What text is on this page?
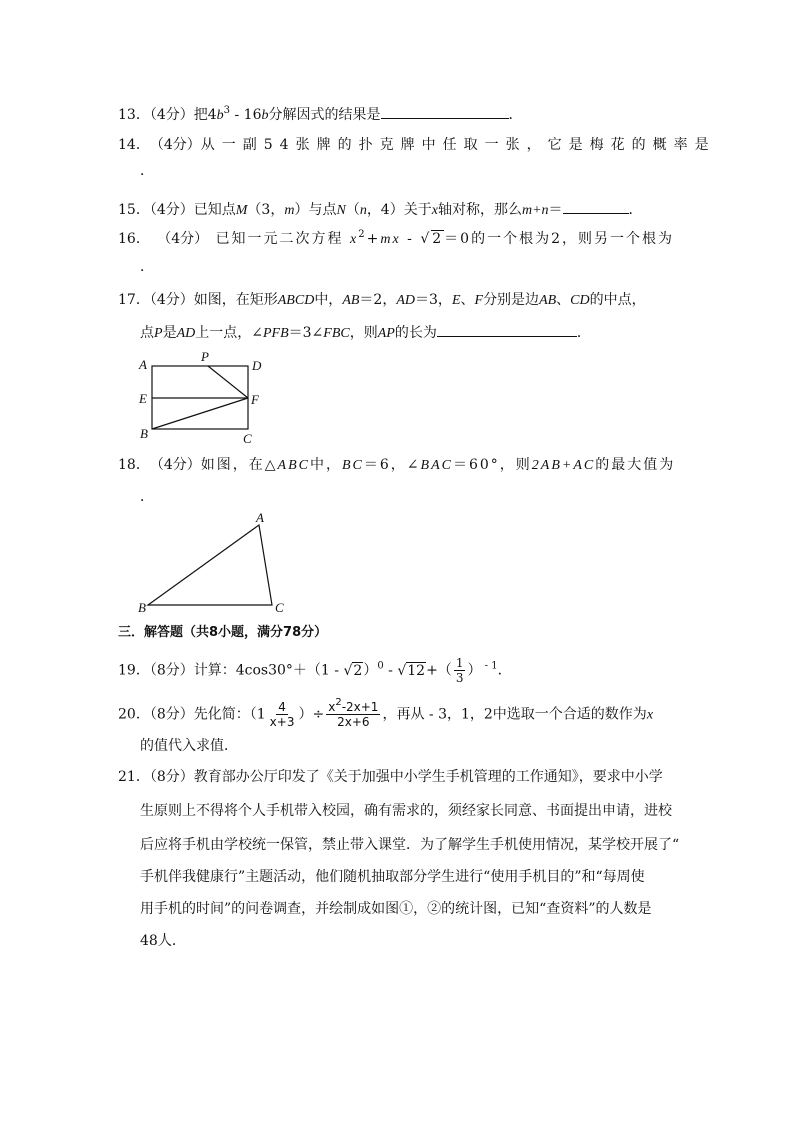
13．（4分）把$4b^3 - 16b$分解因式的结果是	．
14． （4分） 从一副54张牌的扑克牌中任取一张，它是梅花的概率是
．
15．（4分）已知点M（3，m）与点N（n，4）关于x轴对称，那么m+n＝	．
16． （4分） 已知一元二次方程 $x^2+mx - √2=0$的一个根为2，则另一个根为
．
17．（4分）如图，在矩形ABCD中，AB＝2，AD＝3，E、F分别是边AB、CD的中点，
点P是AD上一点，∠PFB＝3∠FBC，则AP的长为	．
A
P
D
E	F
B	C
A
B	C
18． （4分） 如图，在△ABC中，BC＝6，∠BAC＝60°，则2AB+AC的最大值为
．
三．解答题（共8小题，满分78分）
19．（8分）计算：$4\cos 30^\circ+(1 - √2)^0 - √12+( \frac{1}{3}$ ） $^{- 1}$．
20．（8分）先化简：（$1 \frac{4}{x+3}$ ）÷ $\frac{x^2-2x+1}{2x+6}$ ，再从 - 3，1，2中选取一个合适的数作为x
的值代入求值．
21．（8分）教育部办公厅印发了《关于加强中小学生手机管理的工作通知》，要求中小学
生原则上不得将个人手机带入校园，确有需求的，须经家长同意、书面提出申请，进校
后应将手机由学校统一保管，禁止带入课堂．为了解学生手机使用情况，某学校开展了“
手机伴我健康行”主题活动，他们随机抽取部分学生进行“使用手机目的”和“每周使
用手机的时间”的问卷调查，并绘制成如图①，②的统计图，已知“查资料”的人数是
48人．
